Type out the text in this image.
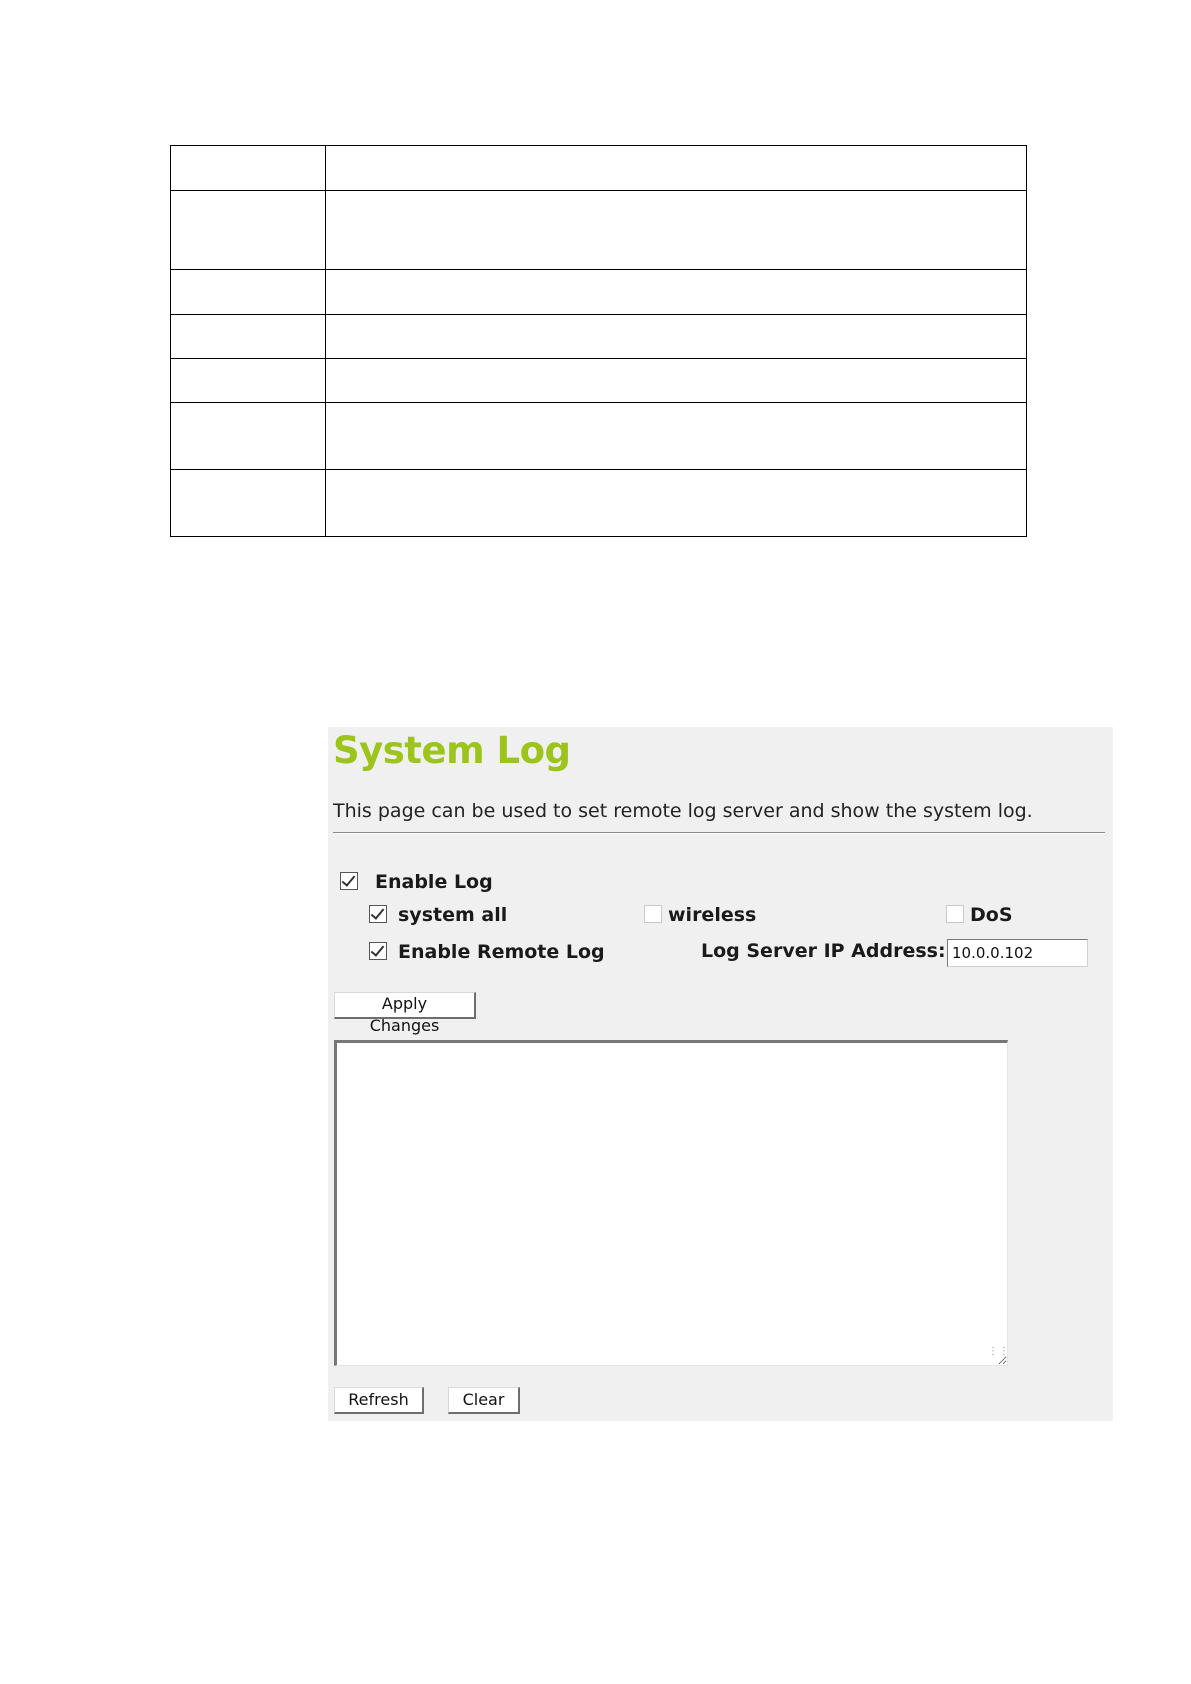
System Log

This page can be used to set remote log server and show the system log.

Enable Log
system all	wireless	DoS
Enable Remote Log	Log Server IP Address:
10.0.0.102
Apply Changes
⋮⋮
Refresh	Clear
